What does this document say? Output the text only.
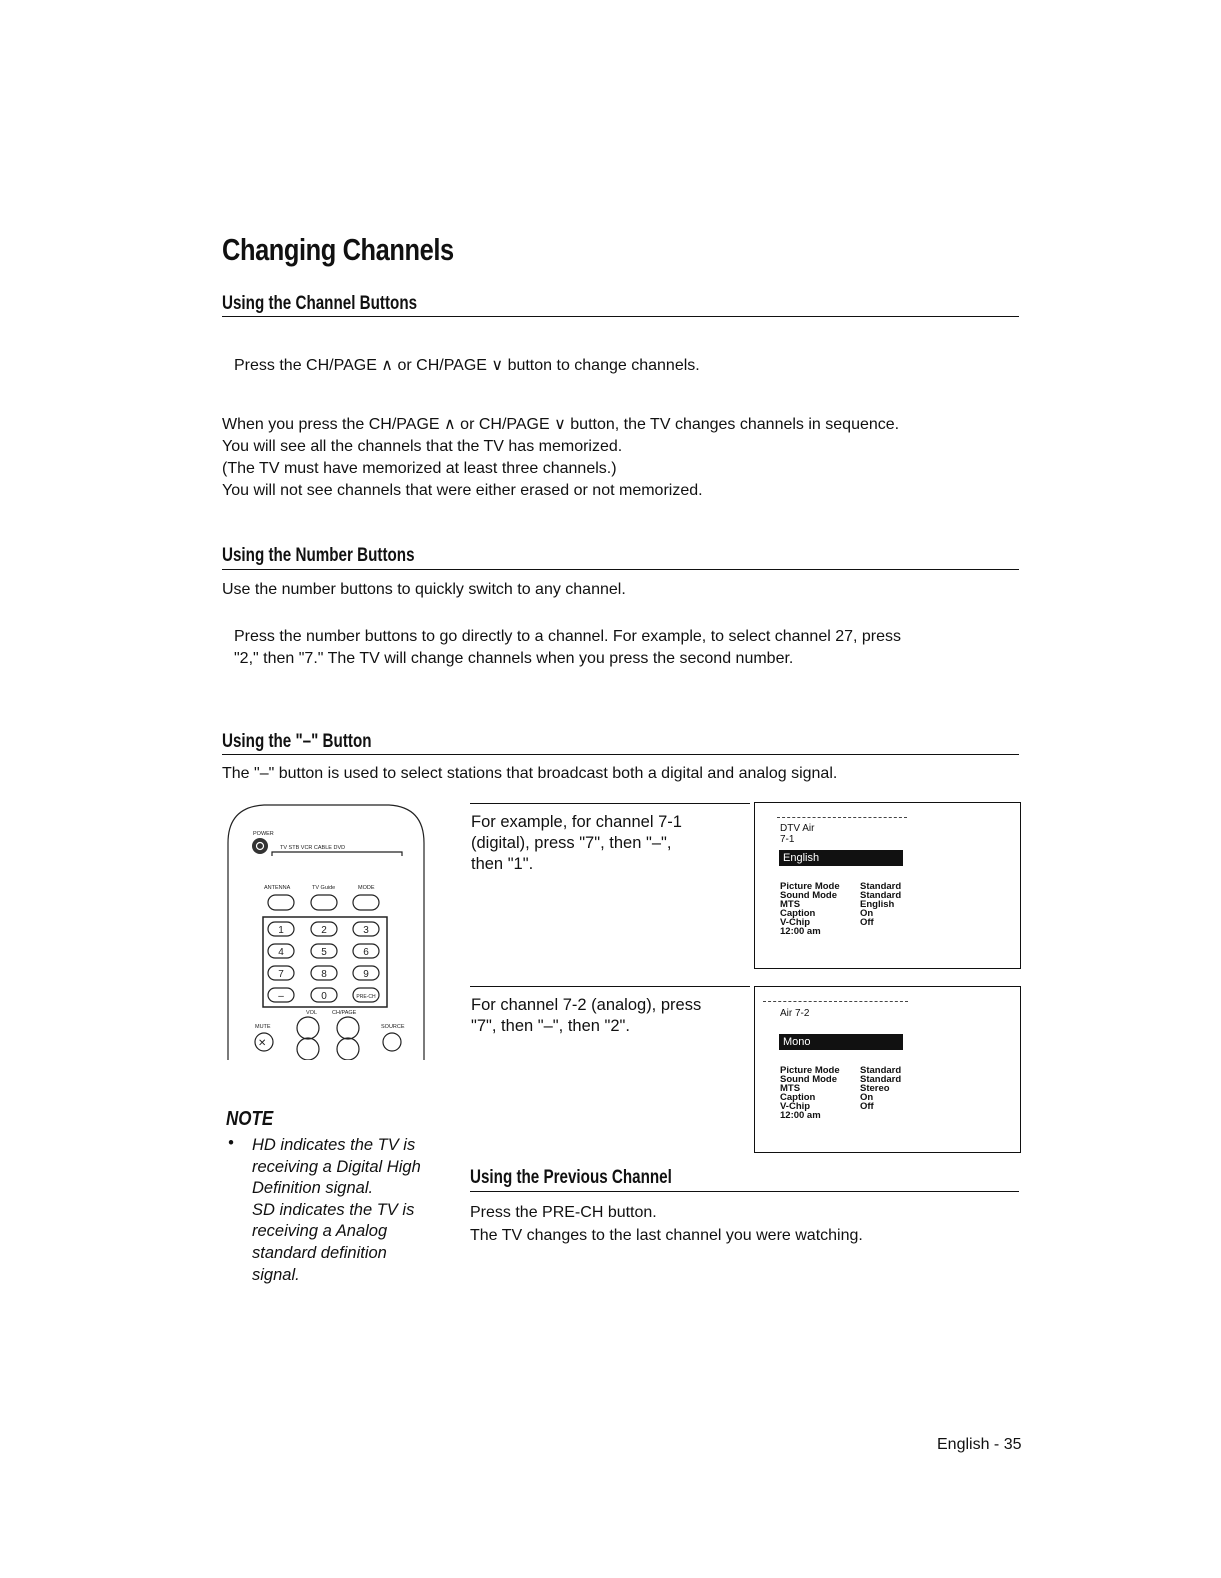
Changing Channels
Using the Channel Buttons
Press the CH/PAGE ∧ or CH/PAGE ∨ button to change channels.
When you press the CH/PAGE ∧ or CH/PAGE ∨ button, the TV changes channels in sequence.
You will see all the channels that the TV has memorized.
(The TV must have memorized at least three channels.)
You will not see channels that were either erased or not memorized.
Using the Number Buttons
Use the number buttons to quickly switch to any channel.
Press the number buttons to go directly to a channel. For example, to select channel 27, press
"2," then "7." The TV will change channels when you press the second number.
Using the "–" Button
The "–" button is used to select stations that broadcast both a digital and analog signal.
✕
POWER
TV STB VCR CABLE DVD
ANTENNA	TV Guide	MODE
VOL	CH/PAGE
MUTE	SOURCE
1	2	3
4	5	6
7	8	9
–	0	PRE-CH
For example, for channel 7-1
(digital), press "7", then "–",
then "1".
For channel 7-2 (analog), press
"7", then "–", then "2".
DTV Air
7-1
English
Picture Mode	Standard
Sound Mode	Standard
MTS	English
Caption	On
V-Chip	Off
12:00 am	
Air 7-2
Mono
Picture Mode	Standard
Sound Mode	Standard
MTS	Stereo
Caption	On
V-Chip	Off
12:00 am	
NOTE
• HD indicates the TV is
receiving a Digital High
Definition signal.
SD indicates the TV is
receiving a Analog
standard definition
signal.
Using the Previous Channel
Press the PRE-CH button.
The TV changes to the last channel you were watching.
English - 35
